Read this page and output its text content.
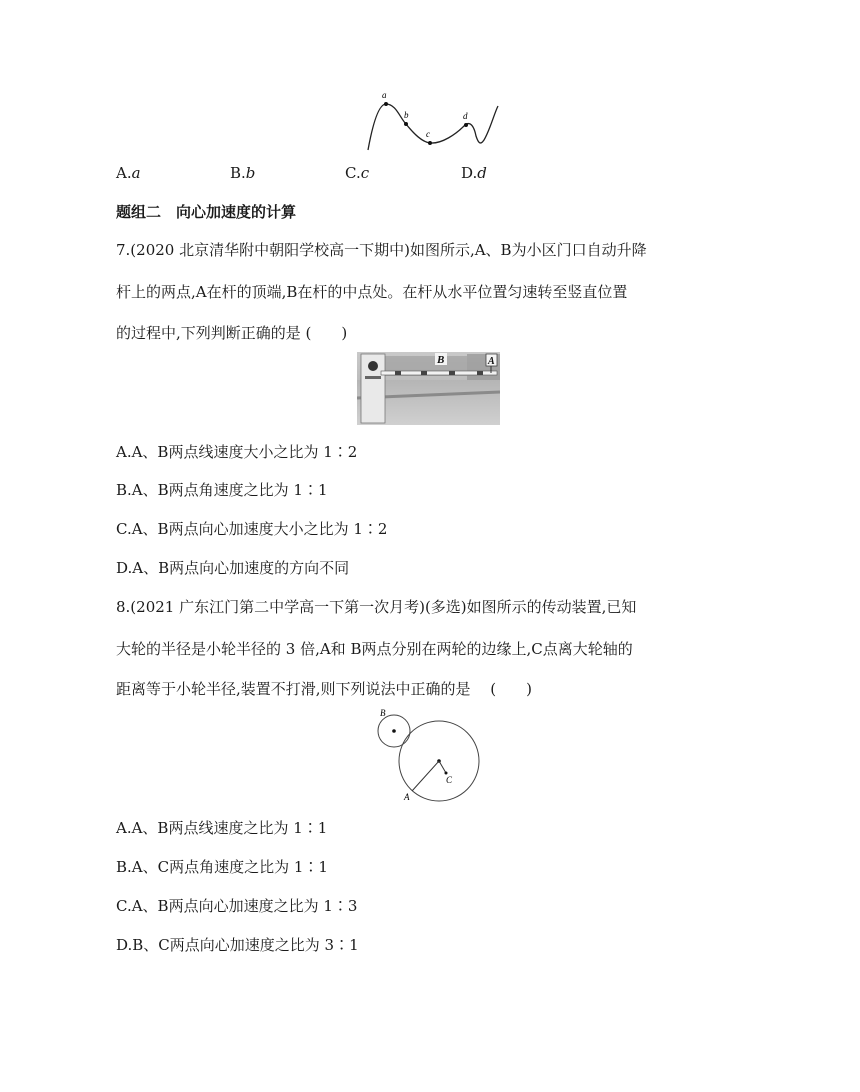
a
b
c
d
A.a	B.b	C.c	D.d
题组二　向心加速度的计算
7.(2020 北京清华附中朝阳学校高一下期中)如图所示,A、B为小区门口自动升降
杆上的两点,A在杆的顶端,B在杆的中点处。在杆从水平位置匀速转至竖直位置
的过程中,下列判断正确的是 (　　)
B	A
A.A、B两点线速度大小之比为 1∶2
B.A、B两点角速度之比为 1∶1
C.A、B两点向心加速度大小之比为 1∶2
D.A、B两点向心加速度的方向不同
8.(2021 广东江门第二中学高一下第一次月考)(多选)如图所示的传动装置,已知
大轮的半径是小轮半径的 3 倍,A和 B两点分别在两轮的边缘上,C点离大轮轴的
距离等于小轮半径,装置不打滑,则下列说法中正确的是　 (　　)
B
A
C
A.A、B两点线速度之比为 1∶1
B.A、C两点角速度之比为 1∶1
C.A、B两点向心加速度之比为 1∶3
D.B、C两点向心加速度之比为 3∶1
